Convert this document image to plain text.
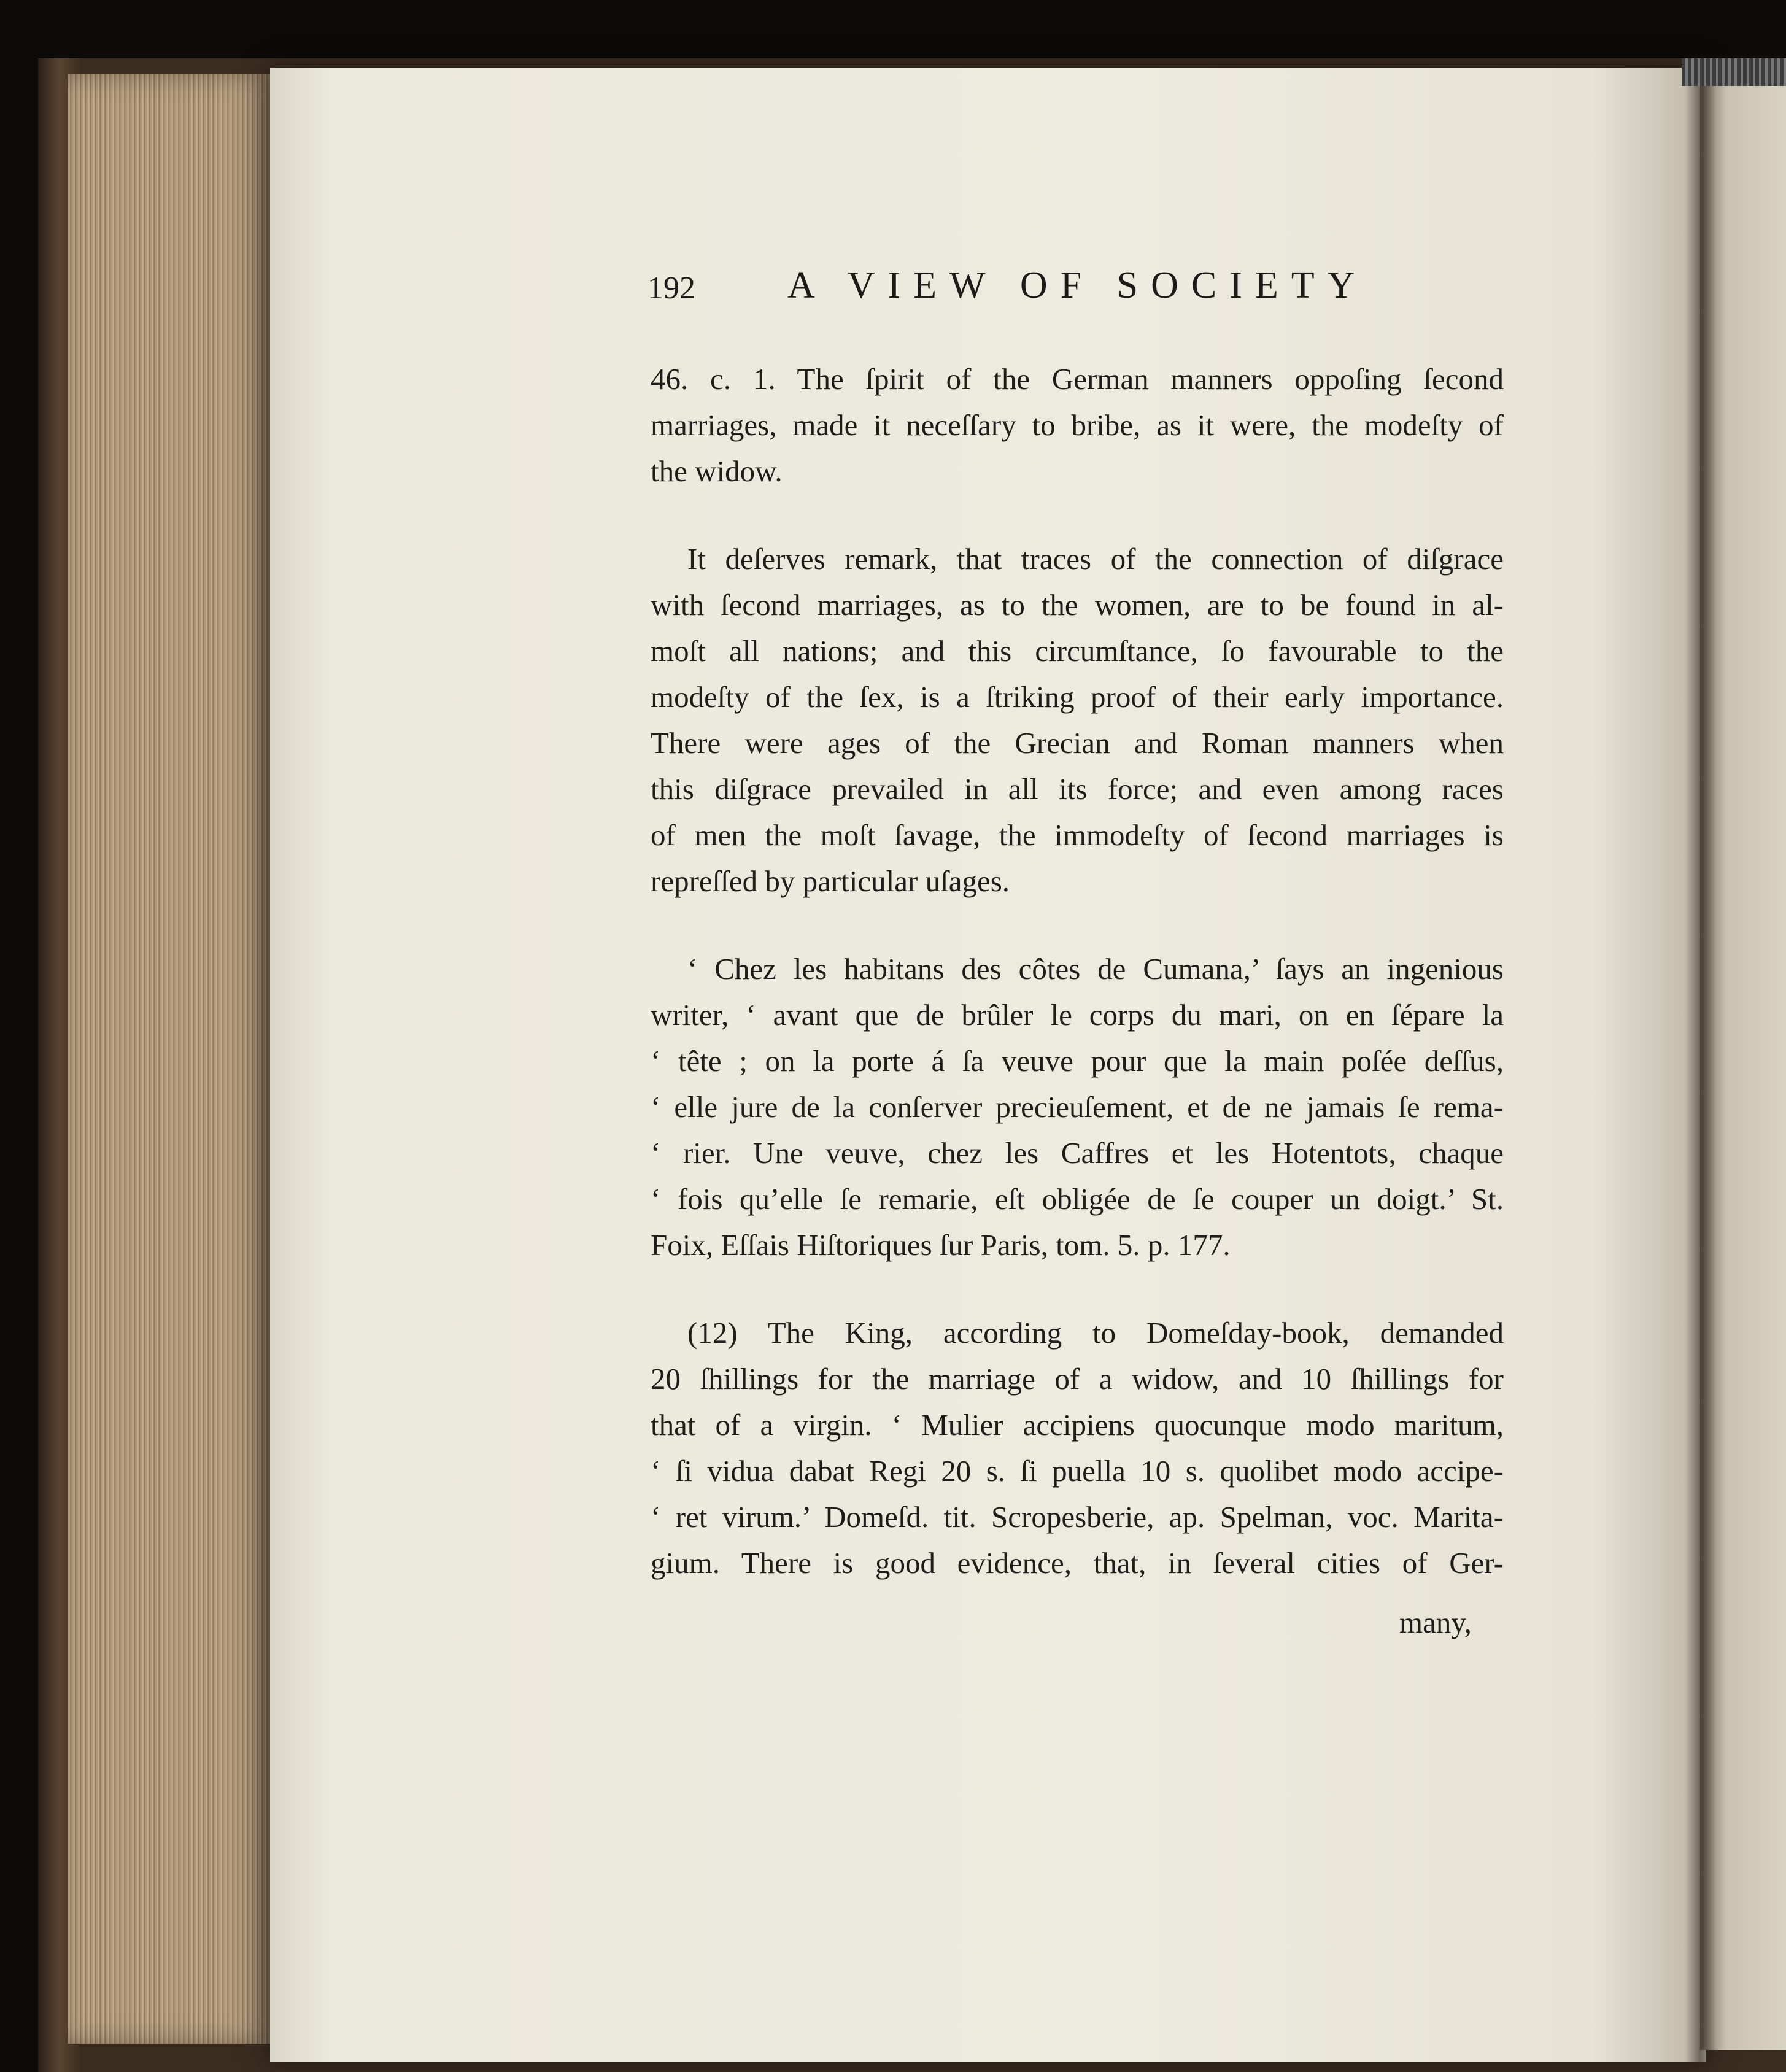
192 A VIEW OF SOCIETY
46. c. 1. The ſpirit of the German manners oppoſing ſecond
marriages, made it neceſſary to bribe, as it were, the modeſty of
the widow.
It deſerves remark, that traces of the connection of diſgrace
with ſecond marriages, as to the women, are to be found in al-
moſt all nations; and this circumſtance, ſo favourable to the
modeſty of the ſex, is a ſtriking proof of their early importance.
There were ages of the Grecian and Roman manners when
this diſgrace prevailed in all its force; and even among races
of men the moſt ſavage, the immodeſty of ſecond marriages is
repreſſed by particular uſages.
‘ Chez les habitans des côtes de Cumana,’ ſays an ingenious
writer, ‘ avant que de brûler le corps du mari, on en ſépare la
‘ tête ; on la porte á ſa veuve pour que la main poſée deſſus,
‘ elle jure de la conſerver precieuſement, et de ne jamais ſe rema-
‘ rier. Une veuve, chez les Caffres et les Hotentots, chaque
‘ fois qu’elle ſe remarie, eſt obligée de ſe couper un doigt.’ St.
Foix, Eſſais Hiſtoriques ſur Paris, tom. 5. p. 177.
(12) The King, according to Domeſday-book, demanded
20 ſhillings for the marriage of a widow, and 10 ſhillings for
that of a virgin. ‘ Mulier accipiens quocunque modo maritum,
‘ ſi vidua dabat Regi 20 s. ſi puella 10 s. quolibet modo accipe-
‘ ret virum.’ Domeſd. tit. Scropesberie, ap. Spelman, voc. Marita-
gium. There is good evidence, that, in ſeveral cities of Ger-
many,
